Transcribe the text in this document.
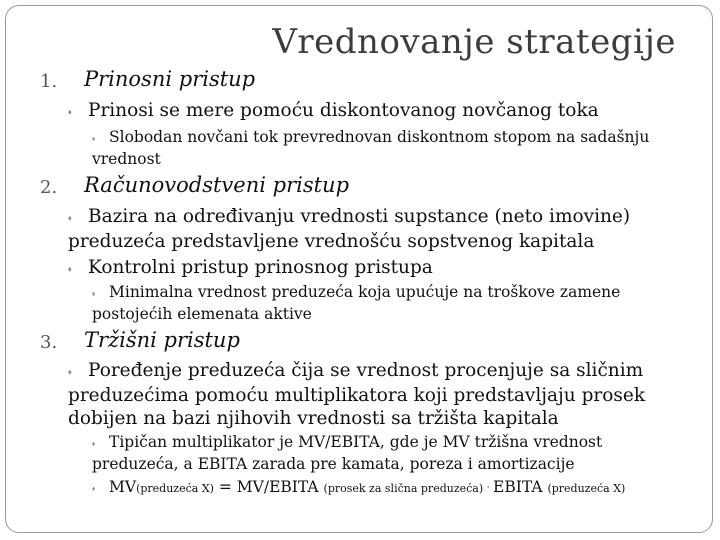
Vrednovanje strategije
1. Prinosni pristup
⬪ Prinosi se mere pomoću diskontovanog novčanog toka
⬪ Slobodan novčani tok prevrednovan diskontnom stopom na sadašnju vrednost
2. Računovodstveni pristup
⬪ Bazira na određivanju vrednosti supstance (neto imovine) preduzeća predstavljene vrednošću sopstvenog kapitala
⬪ Kontrolni pristup prinosnog pristupa
⬪ Minimalna vrednost preduzeća koja upućuje na troškove zamene postojećih elemenata aktive
3. Tržišni pristup
⬪ Poređenje preduzeća čija se vrednost procenjuje sa sličnim preduzećima pomoću multiplikatora koji predstavljaju prosek dobijen na bazi njihovih vrednosti sa tržišta kapitala
⬪ Tipičan multiplikator je MV/EBITA, gde je MV tržišna vrednost preduzeća, a EBITA zarada pre kamata, poreza i amortizacije
⬪ MV(preduzeća X) = MV/EBITA (prosek za slična preduzeća) ּ EBITA (preduzeća X)
